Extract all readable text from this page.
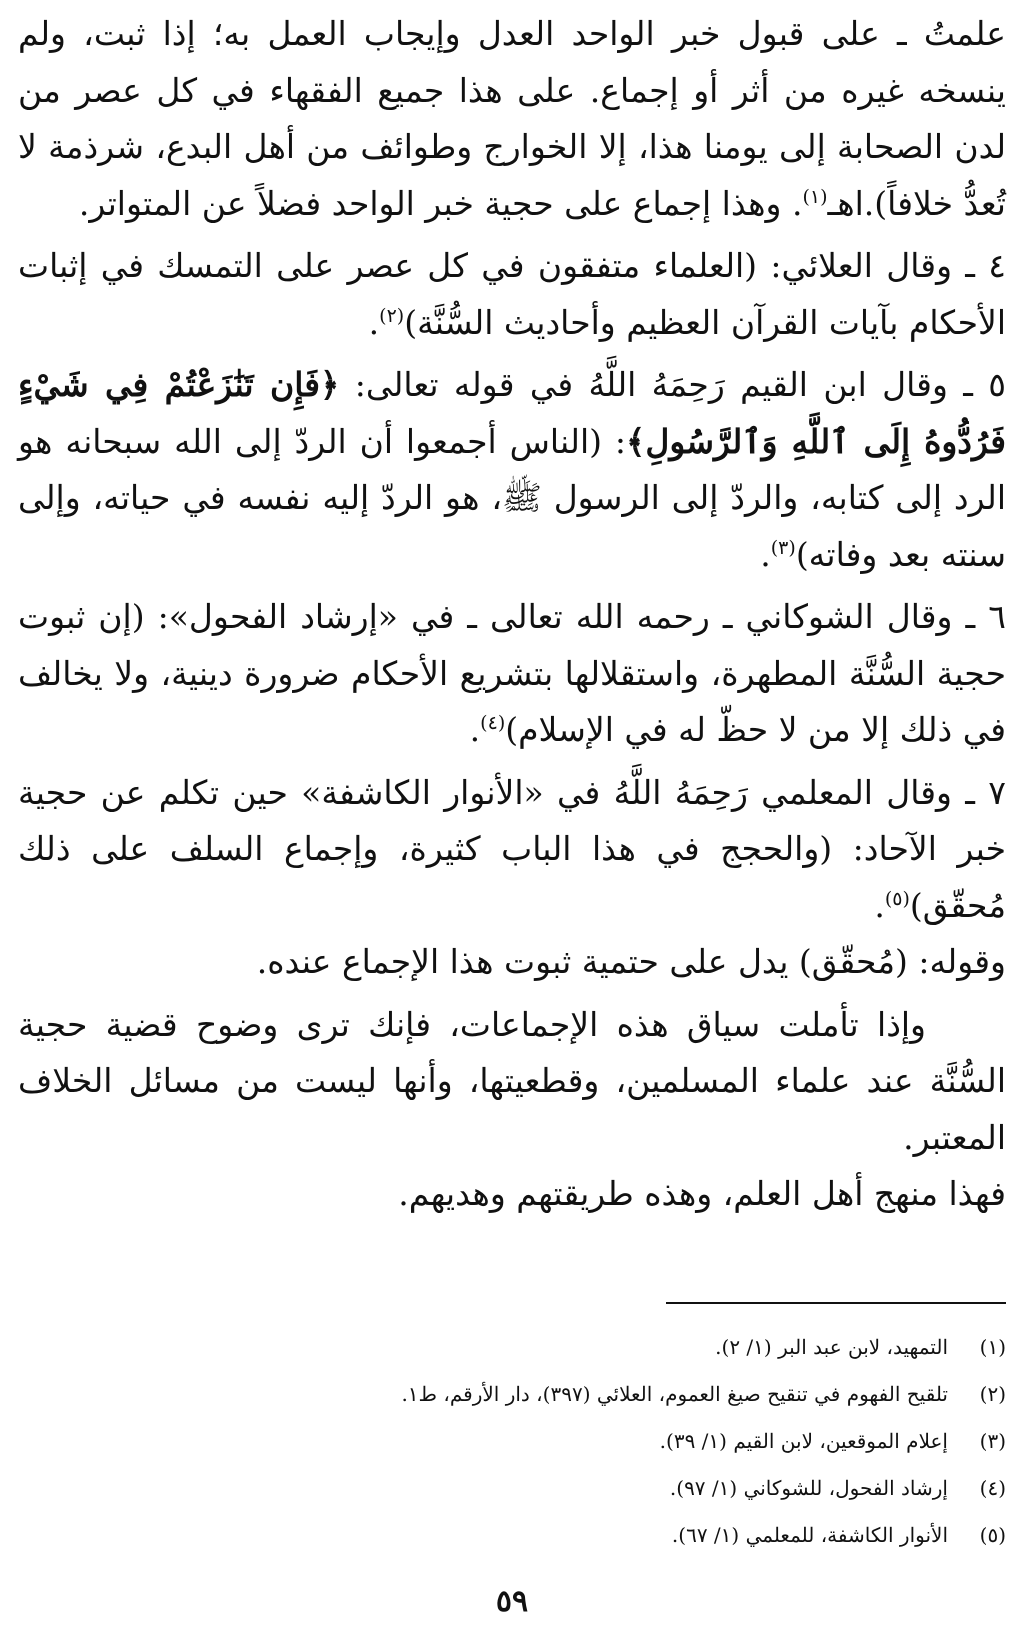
علمتُ ـ على قبول خبر الواحد العدل وإيجاب العمل به؛ إذا ثبت، ولم ينسخه غيره من أثر أو إجماع. على هذا جميع الفقهاء في كل عصر من لدن الصحابة إلى يومنا هذا، إلا الخوارج وطوائف من أهل البدع، شرذمة لا تُعدُّ خلافاً).اهـ$^{(١)}$. وهذا إجماع على حجية خبر الواحد فضلاً عن المتواتر.

٤ ـ وقال العلائي: (العلماء متفقون في كل عصر على التمسك في إثبات الأحكام بآيات القرآن العظيم وأحاديث السُّنَّة)$^{(٢)}$.

٥ ـ وقال ابن القيم رَحِمَهُ اللَّهُ في قوله تعالى: ﴿فَإِن تَنَٰزَعْتُمْ فِي شَيْءٍ فَرُدُّوهُ إِلَى ٱللَّهِ وَٱلرَّسُولِ﴾: (الناس أجمعوا أن الردّ إلى الله سبحانه هو الرد إلى كتابه، والردّ إلى الرسول ﷺ، هو الردّ إليه نفسه في حياته، وإلى سنته بعد وفاته)$^{(٣)}$.

٦ ـ وقال الشوكاني ـ رحمه الله تعالى ـ في «إرشاد الفحول»: (إن ثبوت حجية السُّنَّة المطهرة، واستقلالها بتشريع الأحكام ضرورة دينية، ولا يخالف في ذلك إلا من لا حظّ له في الإسلام)$^{(٤)}$.

٧ ـ وقال المعلمي رَحِمَهُ اللَّهُ في «الأنوار الكاشفة» حين تكلم عن حجية خبر الآحاد: (والحجج في هذا الباب كثيرة، وإجماع السلف على ذلك مُحقّق)$^{(٥)}$.

وقوله: (مُحقّق) يدل على حتمية ثبوت هذا الإجماع عنده.

وإذا تأملت سياق هذه الإجماعات، فإنك ترى وضوح قضية حجية السُّنَّة عند علماء المسلمين، وقطعيتها، وأنها ليست من مسائل الخلاف المعتبر.

فهذا منهج أهل العلم، وهذه طريقتهم وهديهم.

(١)
التمهيد، لابن عبد البر (١/ ٢).
(٢)
تلقيح الفهوم في تنقيح صيغ العموم، العلائي (٣٩٧)، دار الأرقم، ط١.
(٣)
إعلام الموقعين، لابن القيم (١/ ٣٩).
(٤)
إرشاد الفحول، للشوكاني (١/ ٩٧).
(٥)
الأنوار الكاشفة، للمعلمي (١/ ٦٧).
٥٩
